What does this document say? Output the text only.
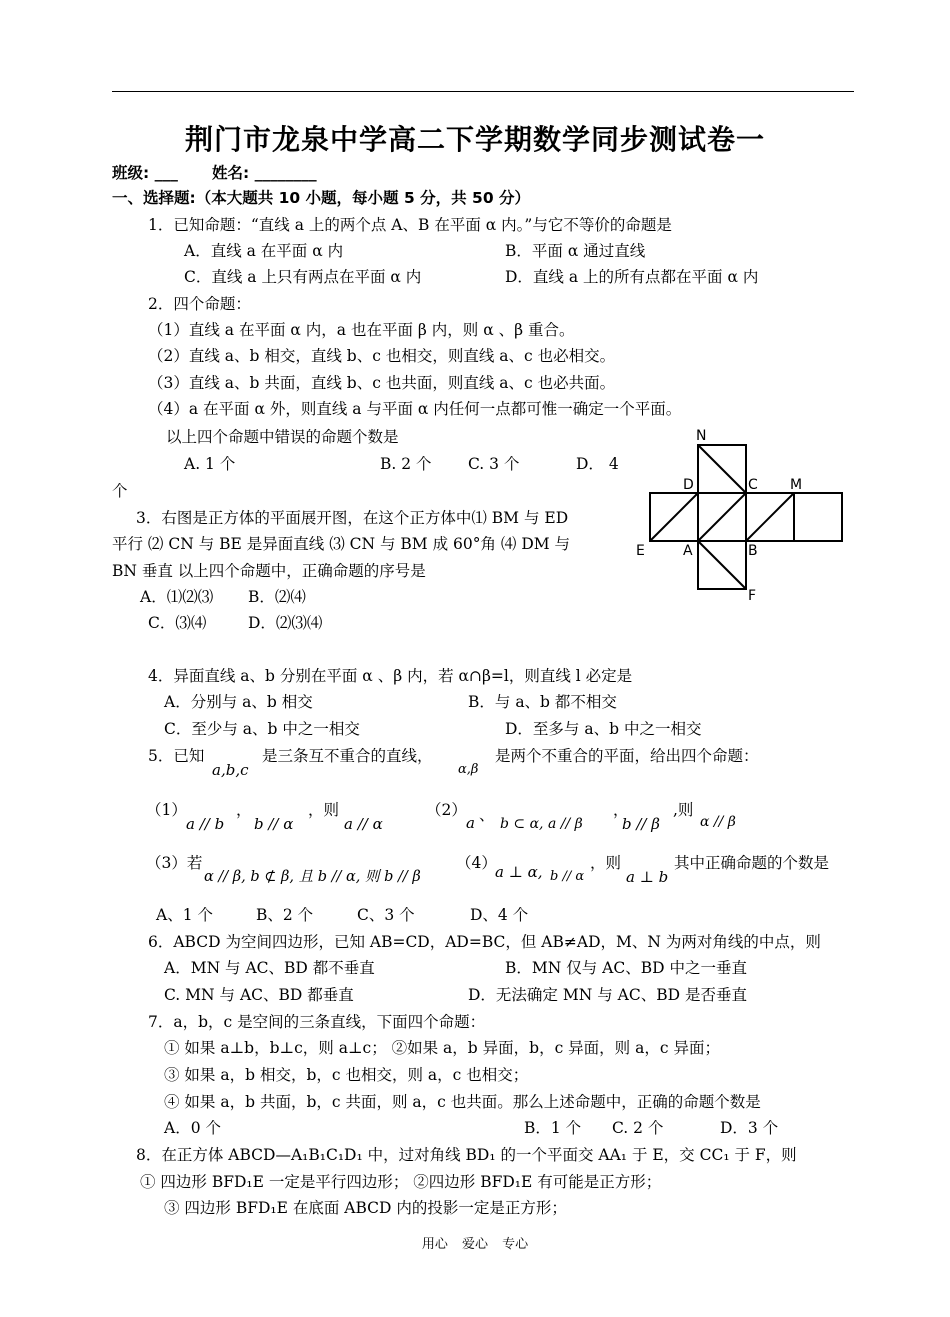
荆门市龙泉中学高二下学期数学同步测试卷一
班级: ___ 姓名: ________
一、选择题:（本大题共 10 小题，每小题 5 分，共 50 分）
1．已知命题：“直线 a 上的两个点 A、B 在平面 α 内。”与它不等价的命题是
A．直线 a 在平面 α 内	B．平面 α 通过直线
C．直线 a 上只有两点在平面 α 内	D．直线 a 上的所有点都在平面 α 内
2．四个命题：
（1）直线 a 在平面 α 内，a 也在平面 β 内，则 α 、β 重合。
（2）直线 a、b 相交，直线 b、c 也相交，则直线 a、c 也必相交。
（3）直线 a、b 共面，直线 b、c 也共面，则直线 a、c 也必共面。
（4）a 在平面 α 外，则直线 a 与平面 α 内任何一点都可惟一确定一个平面。
以上四个命题中错误的命题个数是
A. 1 个	B. 2 个 C. 3 个	D． 4
个
3．右图是正方体的平面展开图，在这个正方体中⑴ BM 与 ED
平行 ⑵ CN 与 BE 是异面直线 ⑶ CN 与 BM 成 60°角 ⑷ DM 与
BN 垂直 以上四个命题中，正确命题的序号是
A．⑴⑵⑶ B．⑵⑷
C．⑶⑷	D．⑵⑶⑷
N
D	C M
E	A	B
F
4．异面直线 a、b 分别在平面 α 、β 内，若 α∩β=l，则直线 l 必定是
A．分别与 a、b 相交	B．与 a、b 都不相交
C．至少与 a、b 中之一相交	D．至多与 a、b 中之一相交
5．已知
a,b,c
是三条互不重合的直线，
α,β
是两个不重合的平面，给出四个命题：
（1）
a // b
，
b // α
，则
a // α
（2）
a 、 b ⊂ α, a // β
，
b // β
,则
α // β
（3）若
α // β, b ⊄ β, 且 b // α, 则 b // β
（4）
a ⊥ α, b // α
，则
a ⊥ b
其中正确命题的个数是
A、1 个	B、2 个	C、3 个	D、4 个
6．ABCD 为空间四边形，已知 AB=CD，AD=BC，但 AB≠AD，M、N 为两对角线的中点，则
A．MN 与 AC、BD 都不垂直	B．MN 仅与 AC、BD 中之一垂直
C. MN 与 AC、BD 都垂直	D．无法确定 MN 与 AC、BD 是否垂直
7．a，b，c 是空间的三条直线，下面四个命题：
① 如果 a⊥b，b⊥c，则 a⊥c； ②如果 a，b 异面，b，c 异面，则 a，c 异面；
③ 如果 a，b 相交，b，c 也相交，则 a，c 也相交；
④ 如果 a，b 共面，b，c 共面，则 a，c 也共面。那么上述命题中，正确的命题个数是
A．0 个	B．1 个 C. 2 个	D．3 个
8．在正方体 ABCD—A₁B₁C₁D₁ 中，过对角线 BD₁ 的一个平面交 AA₁ 于 E，交 CC₁ 于 F，则
① 四边形 BFD₁E 一定是平行四边形； ②四边形 BFD₁E 有可能是正方形；
③ 四边形 BFD₁E 在底面 ABCD 内的投影一定是正方形；
用心 爱心 专心
